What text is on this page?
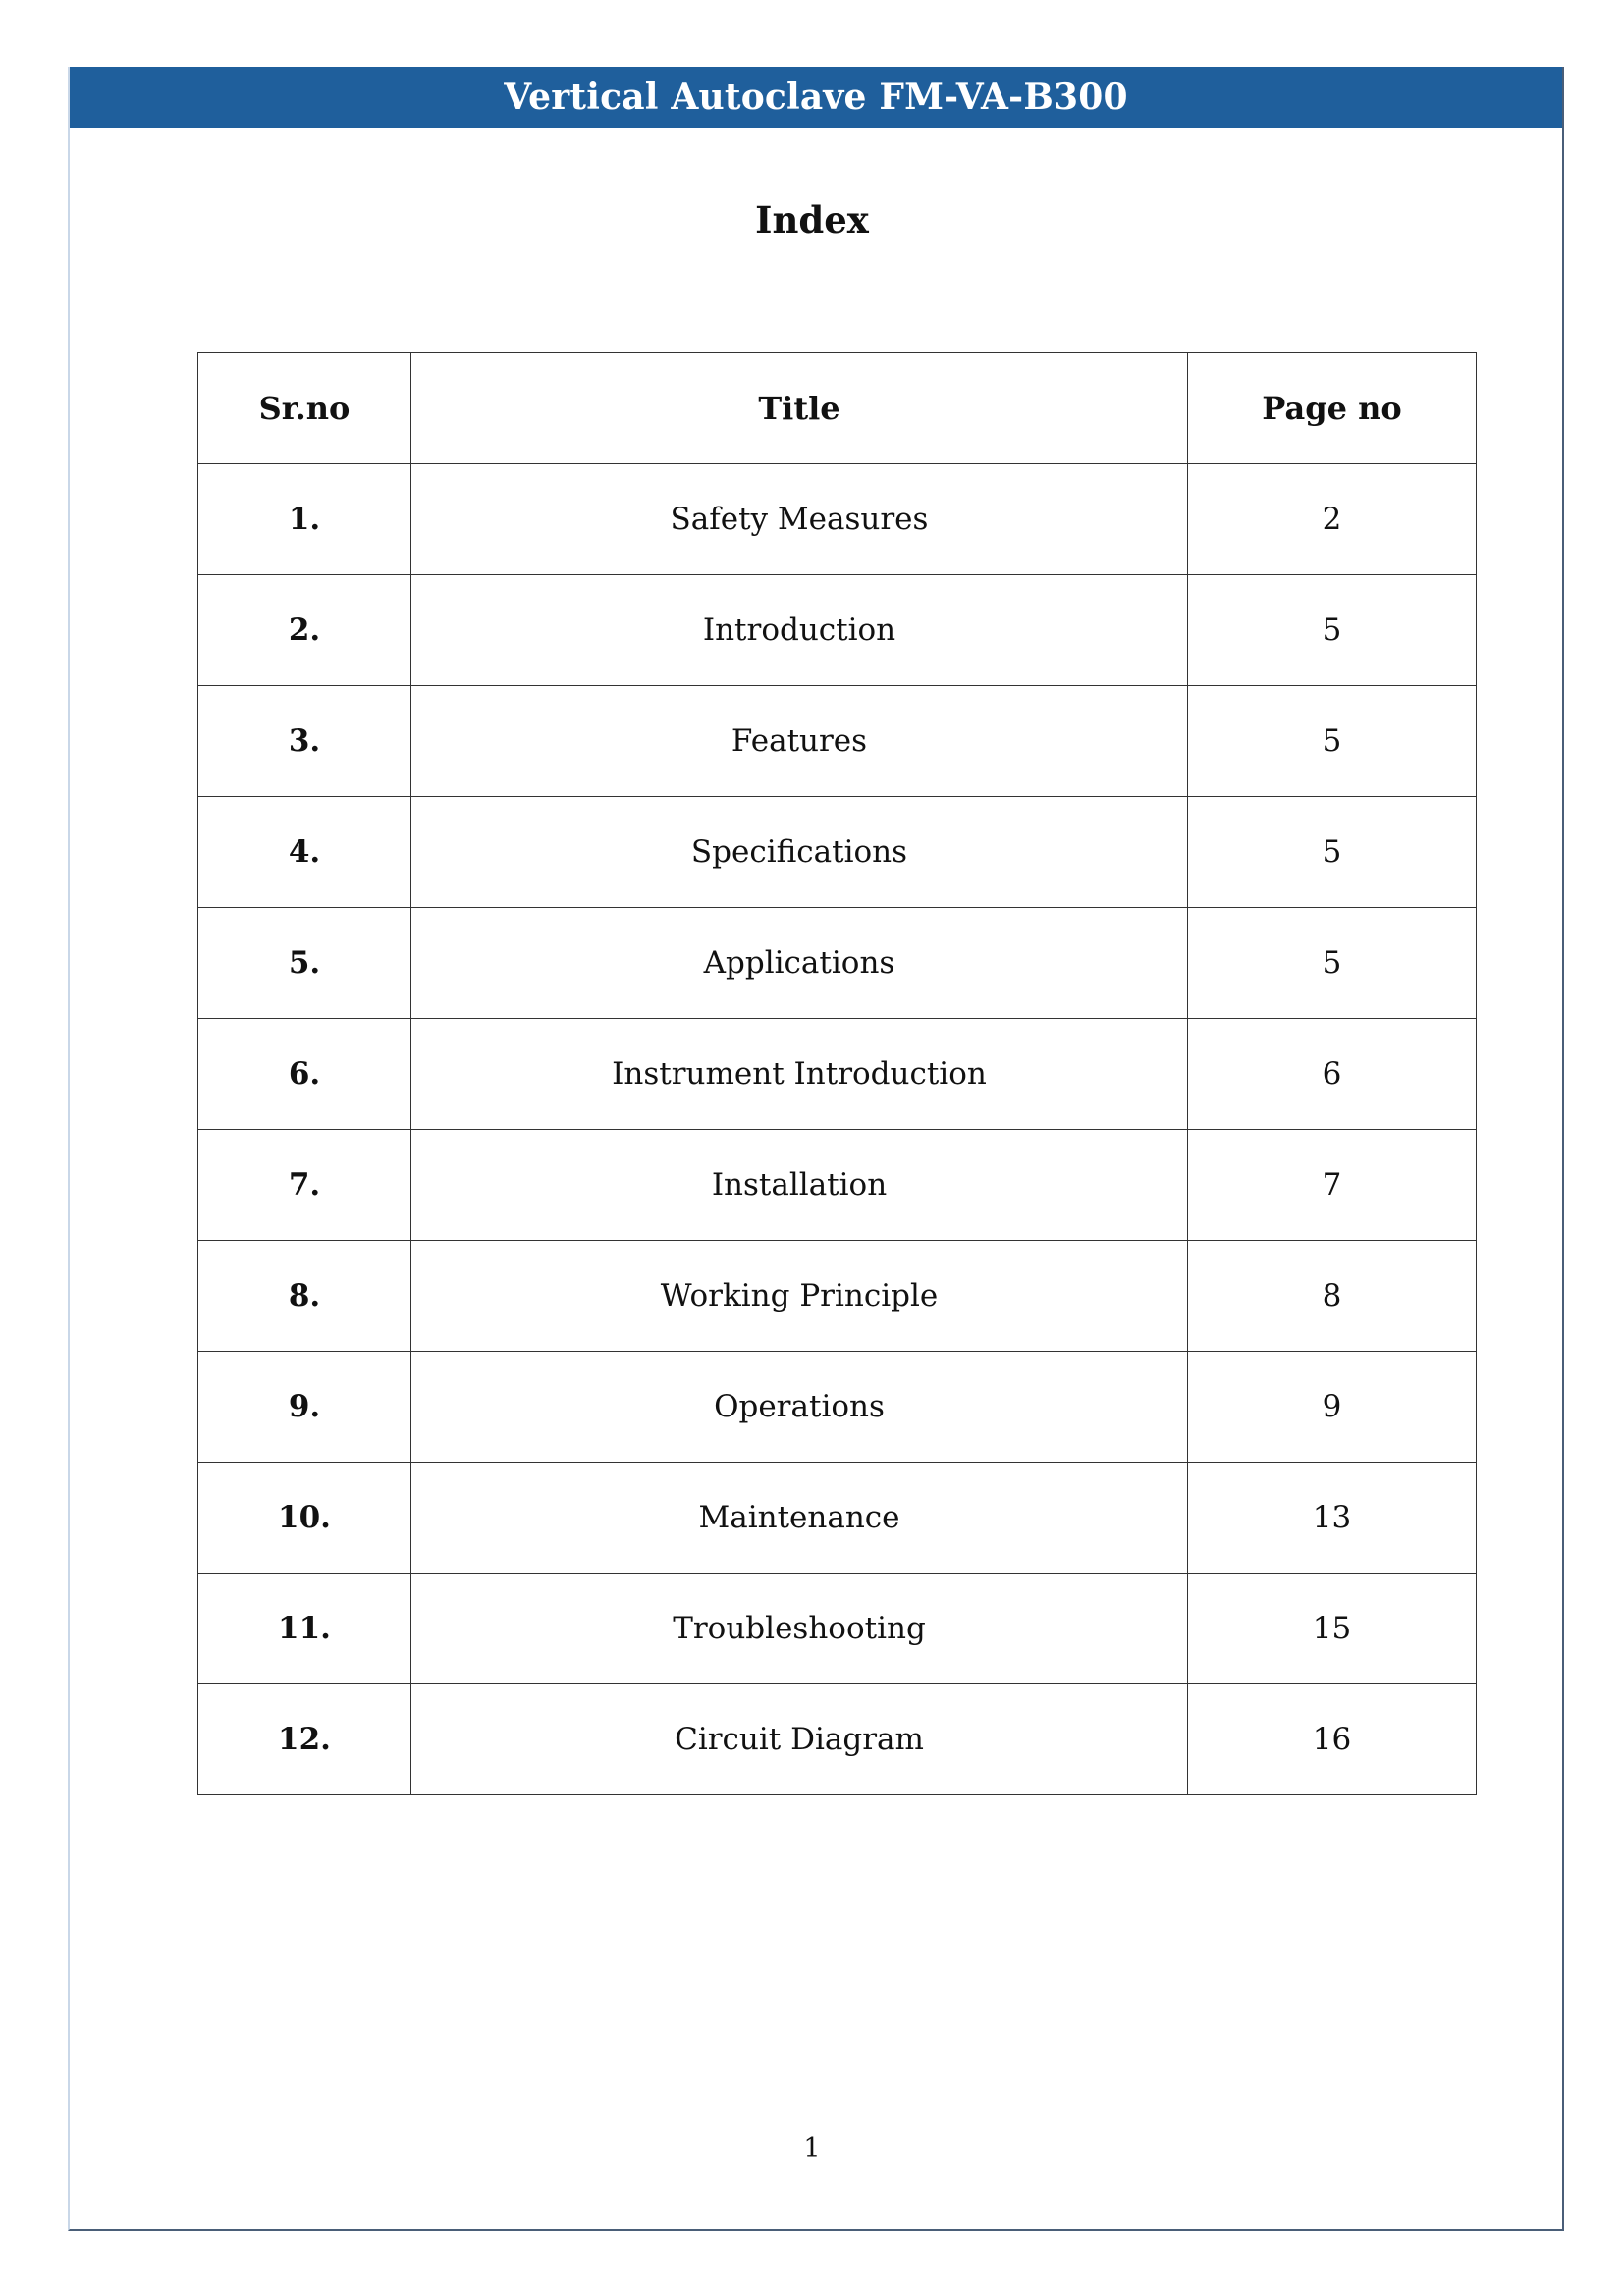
Vertical Autoclave FM-VA-B300
Index
Sr.no	Title	Page no
1.	Safety Measures	2
2.	Introduction	5
3.	Features	5
4.	Specifications	5
5.	Applications	5
6.	Instrument Introduction	6
7.	Installation	7
8.	Working Principle	8
9.	Operations	9
10.	Maintenance	13
11.	Troubleshooting	15
12.	Circuit Diagram	16
1
